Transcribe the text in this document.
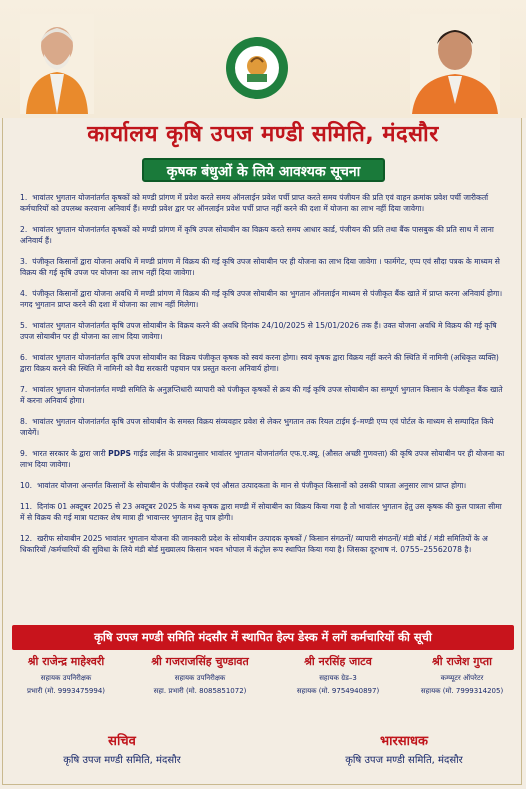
कार्यालय कृषि उपज मण्डी समिति, मंदसौर
कृषक बंधुओं के लिये आवश्यक सूचना
1. भावांतर भुगतान योजनांतर्गत कृषकों को मण्डी प्रांगण में प्रवेश करते समय ऑनलाईन प्रवेश पर्ची प्राप्त करते समय पंजीयन की प्रति एवं वाहन क्रमांक प्रवेश पर्ची जारीकर्ता कर्मचारियों को उपलब्ध करवाना अनिवार्य हैं। मण्डी प्रवेश द्वार पर ऑनलाईन प्रवेश पर्ची प्राप्त नहीं करने की दशा में योजना का लाभ नहीं दिया जावेगा।
2. भावांतर भुगतान योजनांतर्गत कृषकों को मण्डी प्रांगण में कृषि उपज सोयाबीन का विक्रय करते समय आधार कार्ड, पंजीयन की प्रति तथा बैंक पासबुक की प्रति साथ में लाना अनिवार्य हैं।
3. पंजीकृत किसानों द्वारा योजना अवधि में मण्डी प्रांगण में विक्रय की गई कृषि उपज सोयाबीन पर ही योजना का लाभ दिया जावेगा । फार्मगेट, एप्प एवं सौदा पत्रक के माध्यम से विक्रय की गई कृषि उपज पर योजना का लाभ नहीं दिया जावेगा।
4. पंजीकृत किसानों द्वारा योजना अवधि में मण्डी प्रांगण में विक्रय की गई कृषि उपज सोयाबीन का भुगतान ऑनलाईन माध्यम से पंजीकृत बैंक खाते में प्राप्त करना अनिवार्य होगा। नगद भुगतान प्राप्त करने की दशा में योजना का लाभ नहीं मिलेगा।
5. भावांतर भुगतान योजनांतर्गत कृषि उपज सोयाबीन के विक्रय करने की अवधि दिनांक 24/10/2025 से 15/01/2026 तक हैं। उक्त योजना अवधि मे विक्रय की गई कृषि उपज सोयाबीन पर ही योजना का लाभ दिया जावेगा।
6. भावांतर भुगतान योजनांतर्गत कृषि उपज सोयाबीन का विक्रय पंजीकृत कृषक को स्वयं करना होगा। स्वयं कृषक द्वारा विक्रय नहीं करने की स्थिति में नामिनी (अधिकृत व्यक्ति) द्वारा विक्रय करने की स्थिति में नामिनी को वैद्य सरकारी पहचान पत्र प्रस्तुत करना अनिवार्य होगा।
7. भावांतर भुगतान योजनांतर्गत मण्डी समिति के अनुज्ञप्तिधारी व्यापारी को पंजीकृत कृषकों से क्रय की गई कृषि उपज सोयाबीन का सम्पूर्ण भुगतान किसान के पंजीकृत बैंक खाते में करना अनिवार्य होगा।
8. भावांतर भुगतान योजनांतर्गत कृषि उपज सोयाबीन के समस्त विक्रय संव्यवहार प्रवेश से लेकर भुगतान तक रियल टाईम ई–मण्डी एप्प एवं पोर्टल के माध्यम से सम्पादित किये जायेगें।
9. भारत सरकार के द्वारा जारी PDPS गाईड लाईस के प्रावधानुसार भावांतर भुगतान योजनांतर्गत एफ.ए.क्यू. (औसत अच्छी गुणवत्ता) की कृषि उपज सोयाबीन पर ही योजना का लाभ दिया जावेगा।
10. भावांतर योजना अन्तर्गत किसानों के सोयाबीन के पंजीकृत रकबे एवं औसत उत्पादकता के मान से पंजीकृत किसानों को उसकी पात्रता अनुसार लाभ प्राप्त होगा।
11. दिनांक 01 अक्टूबर 2025 से 23 अक्टूबर 2025 के मध्य कृषक द्वारा मण्डी में सोयाबीन का विक्रय किया गया है तो भावांतर भुगतान हेतु उस कृषक की कुल पात्रता सीमा में से विक्रय की गई मात्रा घटाकर शेष मात्रा ही भावान्तर भुगतान हेतु पात्र होगी।
12. खरीफ सोयाबीन 2025 भावांतर भुगतान योजना की जानकारी प्रदेश के सोयाबीन उत्पादक कृषकों / किसान संगठनों/ व्यापारी संगठनों/ मंडी बोर्ड / मंडी समितियों के अ धिकारियों /कर्मचारियों की सुविधा के लिये मंडी बोर्ड मुख्यालय किसान भवन भोपाल में कंट्रोल रूप स्थापित किया गया है। जिसका दूरभाष नं. 0755–25562078 है।
कृषि उपज मण्डी समिति मंदसौर में स्थापित हेल्प डेस्क में लगें कर्मचारियों की सूची
श्री राजेन्द्र माहेश्वरी
सहायक उपनिरीक्षक
प्रभारी (मो. 9993475994)
श्री गजराजसिंह चुण्डावत
सहायक उपनिरीक्षक
सहा. प्रभारी (मो. 8085851072)
श्री नरसिंह जाटव
सहायक ग्रेड–3
सहायक (मो. 9754940897)
श्री राजेश गुप्ता
कम्प्यूटर ऑपरेटर
सहायक (मो. 7999314205)
सचिव
कृषि उपज मण्डी समिति, मंदसौर
भारसाधक
कृषि उपज मण्डी समिति, मंदसौर
